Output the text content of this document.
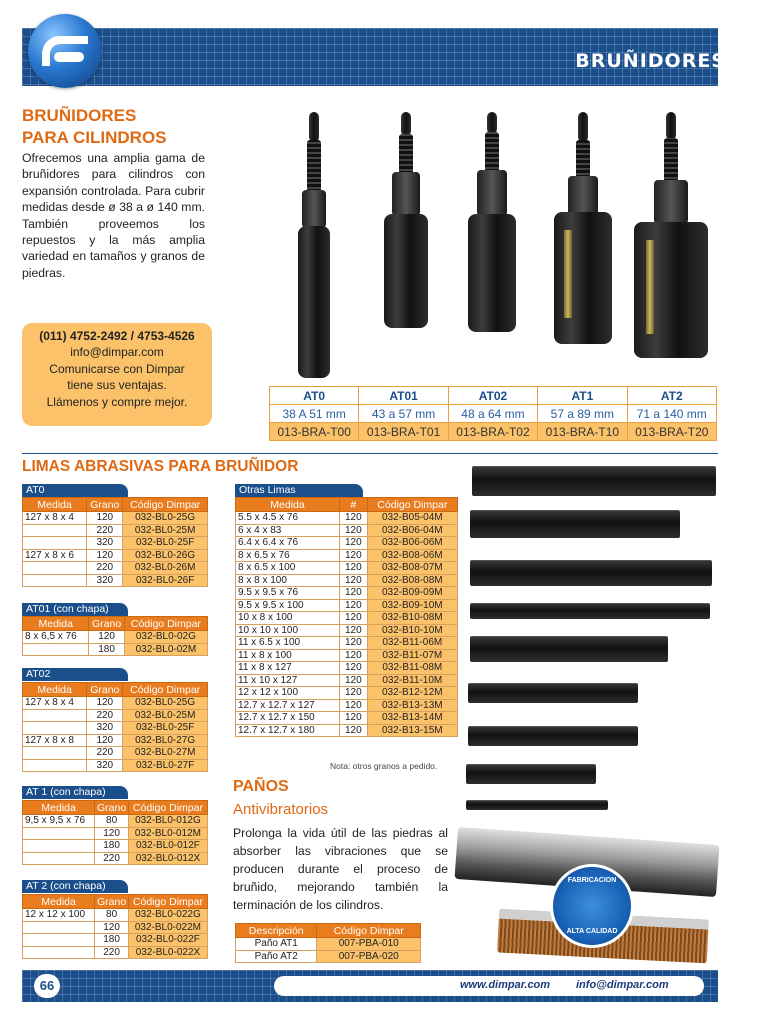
BRUÑIDORES
BRUÑIDORES
PARA CILINDROS
Ofrecemos una amplia gama de bruñidores para cilindros con expansión controlada. Para cubrir medidas desde ø 38 a ø 140 mm. También proveemos los repuestos y la más amplia variedad en tamaños y granos de piedras.
(011) 4752-2492 / 4753-4526
info@dimpar.com
Comunicarse con Dimpar
tiene sus ventajas.
Llámenos y compre mejor.	AT0	AT01	AT02	AT1	AT2
38 A 51 mm	43 a 57 mm	48 a 64 mm	57 a 89 mm	71 a 140 mm
013-BRA-T00	013-BRA-T01	013-BRA-T02	013-BRA-T10	013-BRA-T20
LIMAS ABRASIVAS PARA BRUÑIDOR
AT0
Medida	Grano	Código Dimpar
127 x 8 x 4	120	032-BL0-25G
	220	032-BL0-25M
	320	032-BL0-25F
127 x 8 x 6	120	032-BL0-26G
	220	032-BL0-26M
	320	032-BL0-26F
AT01 (con chapa)
Medida	Grano	Código Dimpar
8 x 6,5 x 76	120	032-BL0-02G
	180	032-BL0-02M
AT02
Medida	Grano	Código Dimpar
127 x 8 x 4	120	032-BL0-25G
	220	032-BL0-25M
	320	032-BL0-25F
127 x 8 x 8	120	032-BL0-27G
	220	032-BL0-27M
	320	032-BL0-27F
AT 1 (con chapa)
Medida	Grano	Código Dimpar
9,5 x 9,5 x 76	80	032-BL0-012G
	120	032-BL0-012M
	180	032-BL0-012F
	220	032-BL0-012X
AT 2 (con chapa)
Medida	Grano	Código Dimpar
12 x 12 x 100	80	032-BL0-022G
	120	032-BL0-022M
	180	032-BL0-022F
	220	032-BL0-022X
Otras Limas
Medida	#	Código Dimpar
5.5 x 4.5 x 76	120	032-B05-04M
6 x 4 x 83	120	032-B06-04M
6.4 x 6.4 x 76	120	032-B06-06M
8 x 6.5 x 76	120	032-B08-06M
8 x 6.5 x 100	120	032-B08-07M
8 x 8 x 100	120	032-B08-08M
9.5 x 9.5 x 76	120	032-B09-09M
9.5 x 9.5 x 100	120	032-B09-10M
10 x 8 x 100	120	032-B10-08M
10 x 10 x 100	120	032-B10-10M
11 x 6.5 x 100	120	032-B11-06M
11 x 8 x 100	120	032-B11-07M
11 x 8 x 127	120	032-B11-08M
11 x 10 x 127	120	032-B11-10M
12 x 12 x 100	120	032-B12-12M
12.7 x 12.7 x 127	120	032-B13-13M
12.7 x 12.7 x 150	120	032-B13-14M
12.7 x 12.7 x 180	120	032-B13-15M
Nota: otros granos a pedido.
PAÑOS
Antivibratorios
Prolonga la vida útil de las piedras al absorber las vibraciones que se producen durante el proceso de bruñido, mejorando también la terminación de los cilindros.
Descripción	Código Dimpar
Paño AT1	007-PBA-010
Paño AT2	007-PBA-020
FABRICACION
ALTA CALIDAD
66	www.dimpar.com info@dimpar.com
